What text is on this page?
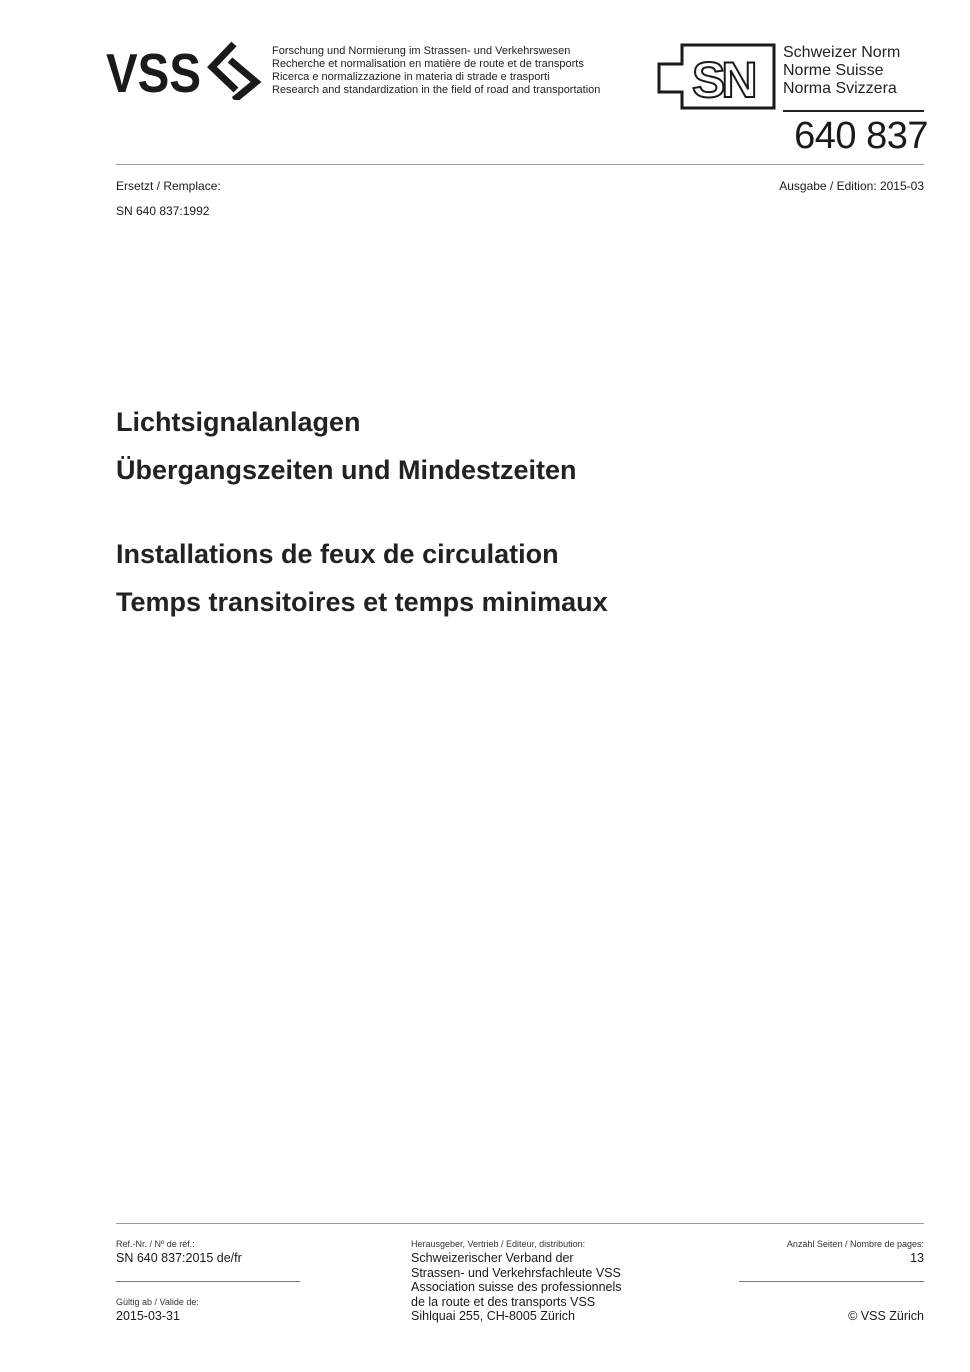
VSS	Forschung und Normierung im Strassen- und Verkehrswesen
Recherche et normalisation en matière de route et de transports
Ricerca e normalizzazione in materia di strade e trasporti
Research and standardization in the field of road and transportation SN Schweizer Norm
Norme Suisse
Norma Svizzera
640 837
Ersetzt / Remplace:
SN 640 837:1992
Ausgabe / Edition: 2015-03
Lichtsignalanlagen
Übergangszeiten und Mindestzeiten
Installations de feux de circulation
Temps transitoires et temps minimaux
Ref.-Nr. / Nº de réf.:
SN 640 837:2015 de/fr
Gültig ab / Valide de:
2015-03-31
Herausgeber, Vertrieb / Editeur, distribution:
Schweizerischer Verband der
Strassen- und Verkehrsfachleute VSS
Association suisse des professionnels
de la route et des transports VSS
Sihlquai 255, CH-8005 Zürich
Anzahl Seiten / Nombre de pages:
13
© VSS Zürich
